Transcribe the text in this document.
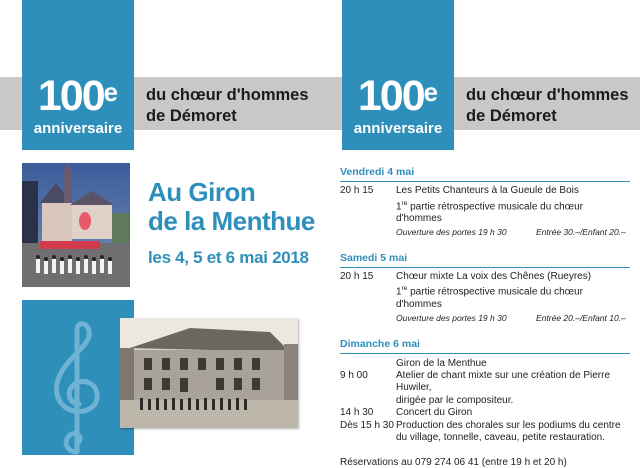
100e
anniversaire
du chœur d'hommes
de Démoret
Au Giron
de la Menthue
les 4, 5 et 6 mai 2018
100e
anniversaire
du chœur d'hommes
de Démoret
Vendredi 4 mai
20 h 15	Les Petits Chanteurs à la Gueule de Bois
1re partie rétrospective musicale du chœur d'hommes
Ouverture des portes 19 h 30	Entrée 30.–/Enfant 20.–
Samedi 5 mai
20 h 15	Chœur mixte La voix des Chênes (Rueyres)
1re partie rétrospective musicale du chœur d'hommes
Ouverture des portes 19 h 30	Entrée 20.–/Enfant 10.–
Dimanche 6 mai
Giron de la Menthue
9 h 00	Atelier de chant mixte sur une création de Pierre Huwiler,
dirigée par le compositeur.
14 h 30	Concert du Giron
Dès 15 h 30 Production des chorales sur les podiums du centre
du village, tonnelle, caveau, petite restauration.
Réservations au 079 274 06 41 (entre 19 h et 20 h)
